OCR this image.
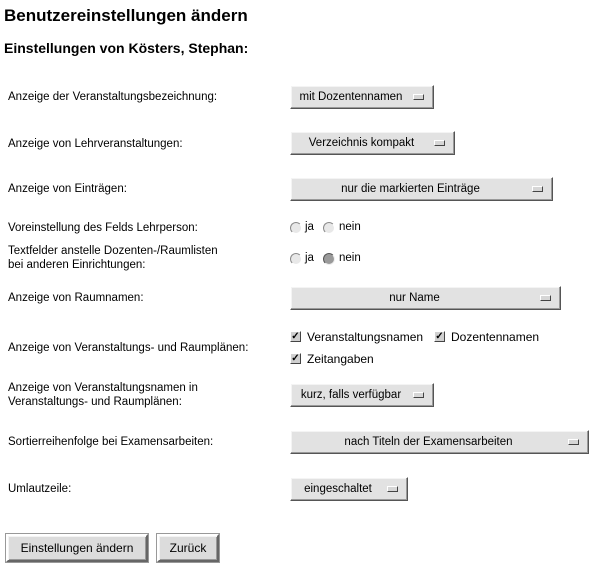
Benutzereinstellungen ändern
Einstellungen von Kösters, Stephan:
Anzeige der Veranstaltungsbezeichnung:	mit Dozentennamen
Anzeige von Lehrveranstaltungen:	Verzeichnis kompakt
Anzeige von Einträgen:	nur die markierten Einträge
Voreinstellung des Felds Lehrperson:	ja nein
Textfelder anstelle Dozenten-/Raumlisten
bei anderen Einrichtungen:
ja nein
Anzeige von Raumnamen:	nur Name
Anzeige von Veranstaltungs- und Raumplänen:
✓ Veranstaltungsnamen ✓ Dozentennamen
✓ Zeitangaben
Anzeige von Veranstaltungsnamen in
Veranstaltungs- und Raumplänen:
kurz, falls verfügbar
Sortierreihenfolge bei Examensarbeiten:	nach Titeln der Examensarbeiten
Umlautzeile:	eingeschaltet
Einstellungen ändern	Zurück
